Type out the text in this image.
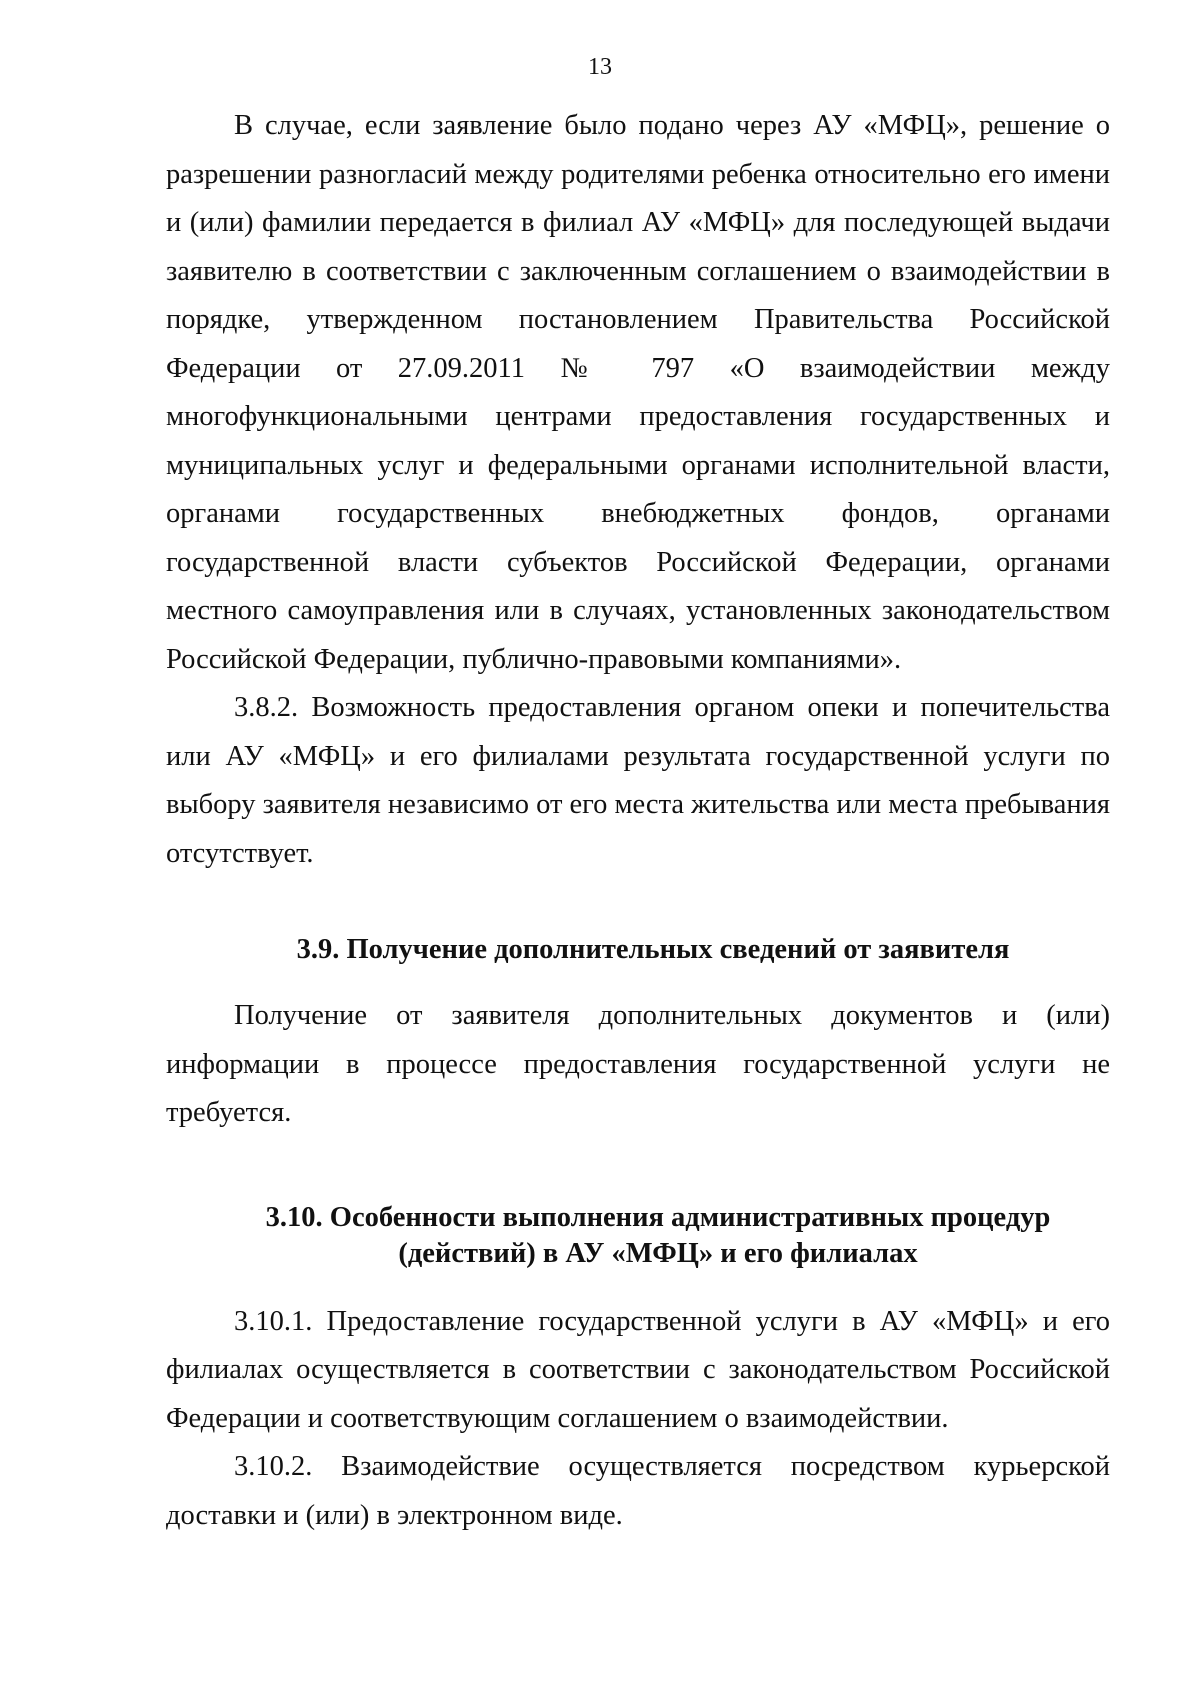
13

В случае, если заявление было подано через АУ «МФЦ», решение о разрешении разногласий между родителями ребенка относительно его имени и (или) фамилии передается в филиал АУ «МФЦ» для последующей выдачи заявителю в соответствии с заключенным соглашением о взаимодействии в порядке, утвержденном постановлением Правительства Российской Федерации от 27.09.2011 № 797 «О взаимодействии между многофункциональными центрами предоставления государственных и муниципальных услуг и федеральными органами исполнительной власти, органами государственных внебюджетных фондов, органами государственной власти субъектов Российской Федерации, органами местного самоуправления или в случаях, установленных законодательством Российской Федерации, публично-правовыми компаниями».

3.8.2. Возможность предоставления органом опеки и попечительства или АУ «МФЦ» и его филиалами результата государственной услуги по выбору заявителя независимо от его места жительства или места пребывания отсутствует.

3.9. Получение дополнительных сведений от заявителя

Получение от заявителя дополнительных документов и (или) информации в процессе предоставления государственной услуги не требуется.

3.10. Особенности выполнения административных процедур
(действий) в АУ «МФЦ» и его филиалах

3.10.1. Предоставление государственной услуги в АУ «МФЦ» и его филиалах осуществляется в соответствии с законодательством Российской Федерации и соответствующим соглашением о взаимодействии.

3.10.2. Взаимодействие осуществляется посредством курьерской доставки и (или) в электронном виде.
